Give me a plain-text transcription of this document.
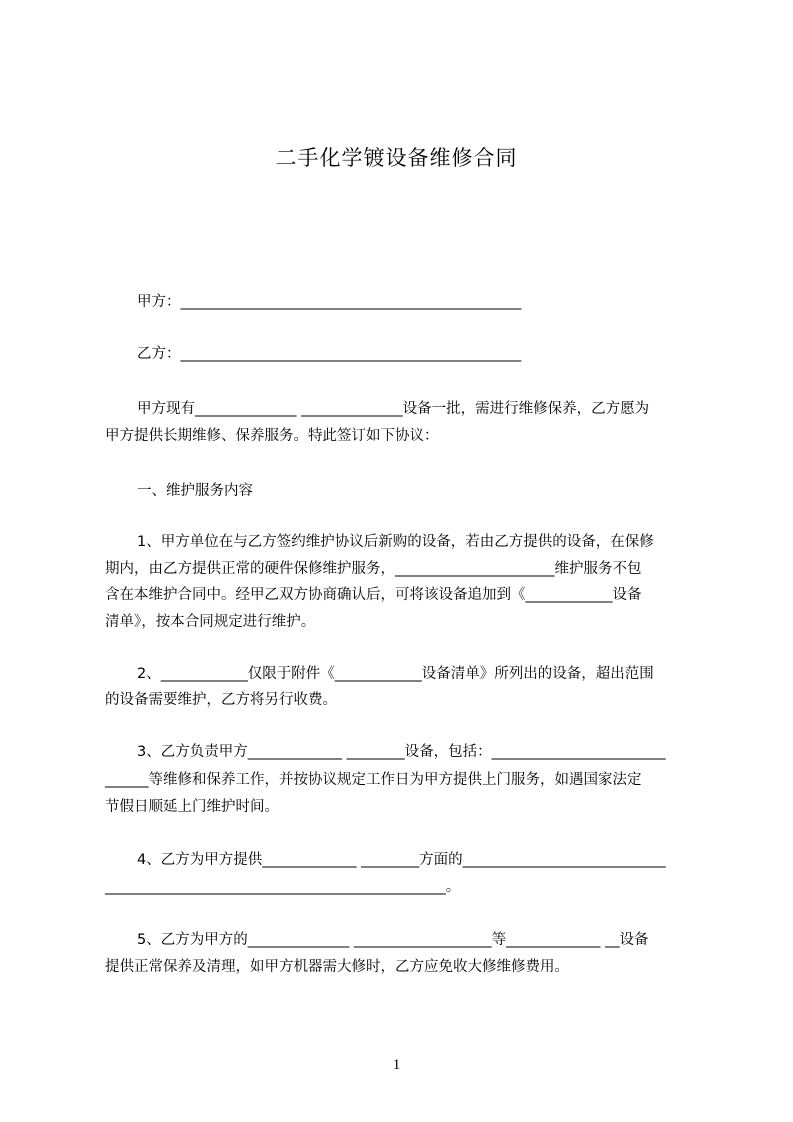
二手化学镀设备维修合同
甲方：_______________________________________________
乙方：_______________________________________________
甲方现有______________ ______________设备一批，需进行维修保养，乙方愿为
甲方提供长期维修、保养服务。特此签订如下协议：
一、维护服务内容
1、甲方单位在与乙方签约维护协议后新购的设备，若由乙方提供的设备，在保修
期内，由乙方提供正常的硬件保修维护服务，______________________维护服务不包
含在本维护合同中。经甲乙双方协商确认后，可将该设备追加到《____________设备
清单》，按本合同规定进行维护。
2、____________仅限于附件《____________设备清单》所列出的设备，超出范围
的设备需要维护，乙方将另行收费。
3、乙方负责甲方_____________ ________设备，包括：________________________
______等维修和保养工作，并按协议规定工作日为甲方提供上门服务，如遇国家法定
节假日顺延上门维护时间。
4、乙方为甲方提供_____________ ________方面的____________________________
_______________________________________________。
5、乙方为甲方的______________ ___________________等_____________ __设备
提供正常保养及清理，如甲方机器需大修时，乙方应免收大修维修费用。
1
